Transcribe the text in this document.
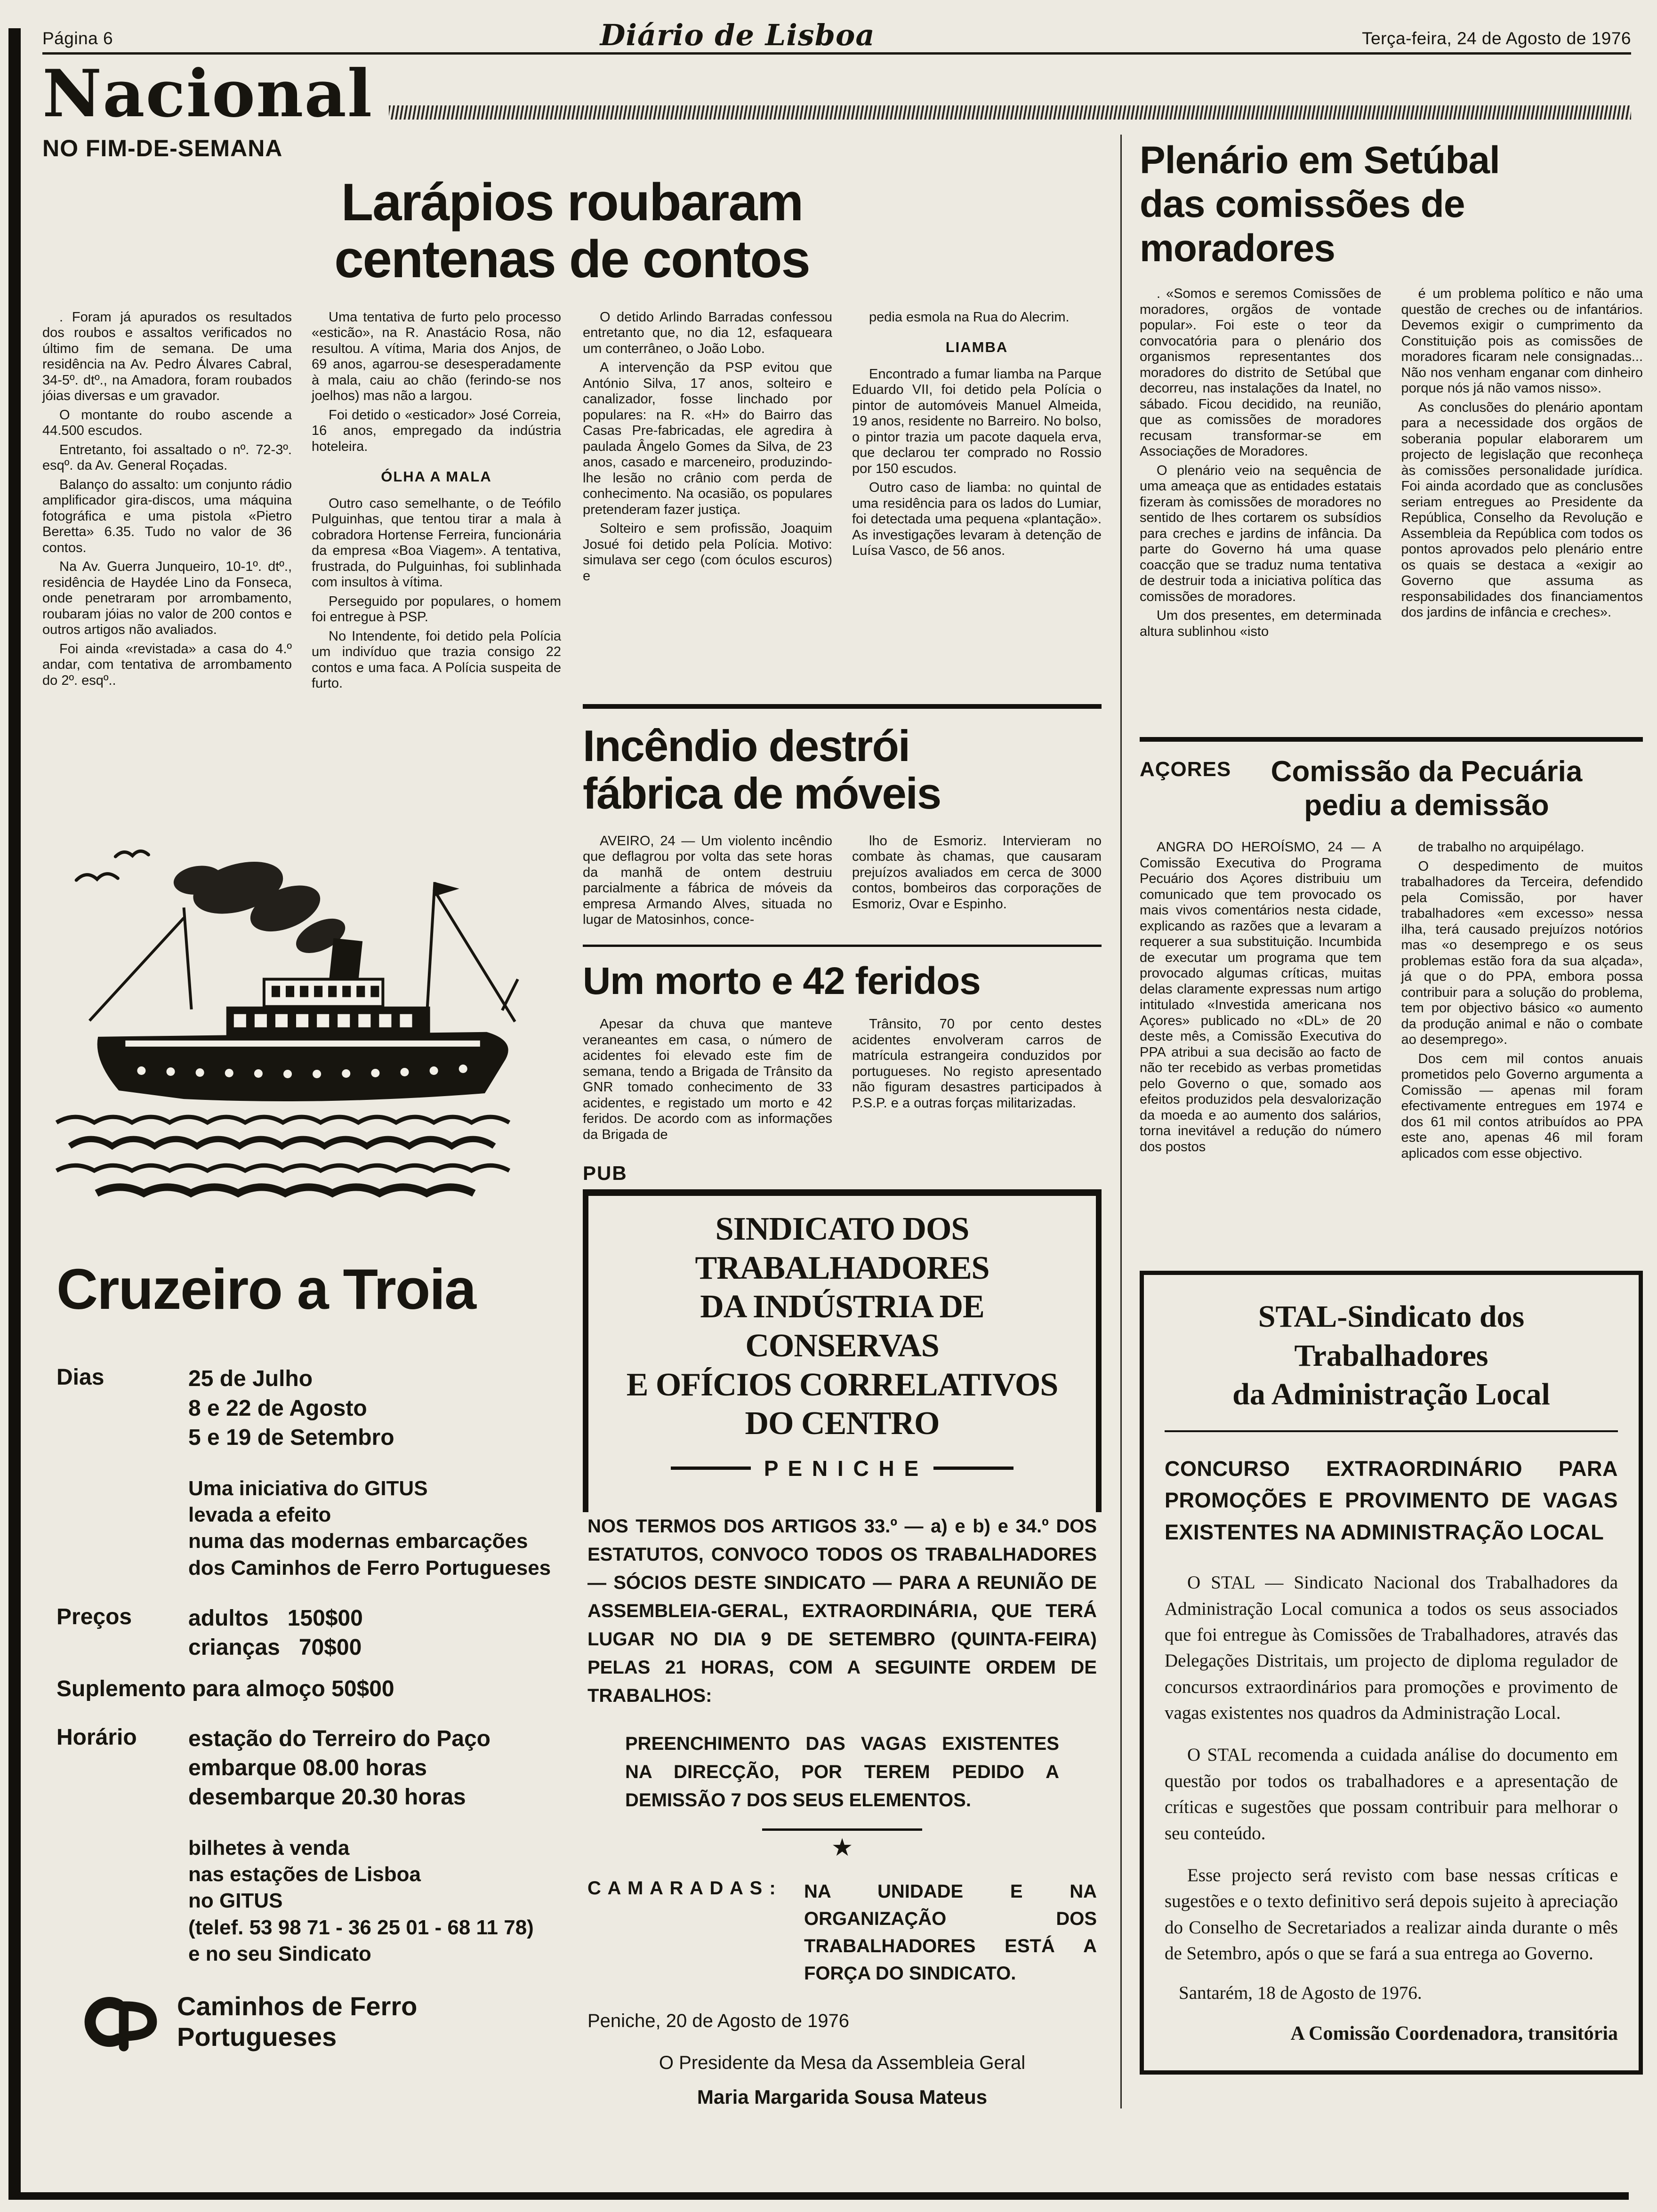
Página 6	Diário de Lisboa	Terça-feira, 24 de Agosto de 1976
Nacional
NO FIM-DE-SEMANA
Larápios roubaram
centenas de contos

. Foram já apurados os resultados dos roubos e assaltos verificados no último fim de semana. De uma residência na Av. Pedro Álvares Cabral, 34-5º. dtº., na Amadora, foram roubados jóias diversas e um gravador.

O montante do roubo ascende a 44.500 escudos.

Entretanto, foi assaltado o nº. 72-3º. esqº. da Av. General Roçadas.

Balanço do assalto: um conjunto rádio amplificador gira-discos, uma máquina fotográfica e uma pistola «Pietro Beretta» 6.35. Tudo no valor de 36 contos.

Na Av. Guerra Junqueiro, 10-1º. dtº., residência de Haydée Lino da Fonseca, onde penetraram por arrombamento, roubaram jóias no valor de 200 contos e outros artigos não avaliados.

Foi ainda «revistada» a casa do 4.º andar, com tentativa de arrombamento do 2º. esqº..

Uma tentativa de furto pelo processo «esticão», na R. Anastácio Rosa, não resultou. A vítima, Maria dos Anjos, de 69 anos, agarrou-se desesperadamente à mala, caiu ao chão (ferindo-se nos joelhos) mas não a largou.

Foi detido o «esticador» José Correia, 16 anos, empregado da indústria hoteleira.

ÓLHA A MALA

Outro caso semelhante, o de Teófilo Pulguinhas, que tentou tirar a mala à cobradora Hortense Ferreira, funcionária da empresa «Boa Viagem». A tentativa, frustrada, do Pulguinhas, foi sublinhada com insultos à vítima.

Perseguido por populares, o homem foi entregue à PSP.

No Intendente, foi detido pela Polícia um indivíduo que trazia consigo 22 contos e uma faca. A Polícia suspeita de furto.

Cruzeiro a Troia
Dias	25 de Julho

8 e 22 de Agosto

5 e 19 de Setembro

Uma iniciativa do GITUS

levada a efeito

numa das modernas embarcações

dos Caminhos de Ferro Portugueses

Preços	adultos   150$00

crianças   70$00

Suplemento para almoço 50$00
Horário	estação do Terreiro do Paço

embarque 08.00 horas

desembarque 20.30 horas

bilhetes à venda

nas estações de Lisboa

no GITUS

(telef. 53 98 71 - 36 25 01 - 68 11 78)

e no seu Sindicato

Caminhos de Ferro
Portugueses

O detido Arlindo Barradas confessou entretanto que, no dia 12, esfaqueara um conterrâneo, o João Lobo.

A intervenção da PSP evitou que António Silva, 17 anos, solteiro e canalizador, fosse linchado por populares: na R. «H» do Bairro das Casas Pre-fabricadas, ele agredira à paulada Ângelo Gomes da Silva, de 23 anos, casado e marceneiro, produzindo-lhe lesão no crânio com perda de conhecimento. Na ocasião, os populares pretenderam fazer justiça.

Solteiro e sem profissão, Joaquim Josué foi detido pela Polícia. Motivo: simulava ser cego (com óculos escuros) e

pedia esmola na Rua do Alecrim.

LIAMBA

Encontrado a fumar liamba na Parque Eduardo VII, foi detido pela Polícia o pintor de automóveis Manuel Almeida, 19 anos, residente no Barreiro. No bolso, o pintor trazia um pacote daquela erva, que declarou ter comprado no Rossio por 150 escudos.

Outro caso de liamba: no quintal de uma residência para os lados do Lumiar, foi detectada uma pequena «plantação». As investigações levaram à detenção de Luísa Vasco, de 56 anos.

Incêndio destrói
fábrica de móveis

AVEIRO, 24 — Um violento incêndio que deflagrou por volta das sete horas da manhã de ontem destruiu parcialmente a fábrica de móveis da empresa Armando Alves, situada no lugar de Matosinhos, conce-

lho de Esmoriz. Intervieram no combate às chamas, que causaram prejuízos avaliados em cerca de 3000 contos, bombeiros das corporações de Esmoriz, Ovar e Espinho.

Um morto e 42 feridos

Apesar da chuva que manteve veraneantes em casa, o número de acidentes foi elevado este fim de semana, tendo a Brigada de Trânsito da GNR tomado conhecimento de 33 acidentes, e registado um morto e 42 feridos. De acordo com as informações da Brigada de

Trânsito, 70 por cento destes acidentes envolveram carros de matrícula estrangeira conduzidos por portugueses. No registo apresentado não figuram desastres participados à P.S.P. e a outras forças militarizadas.

PUB
SINDICATO DOS TRABALHADORES
DA INDÚSTRIA DE CONSERVAS
E OFÍCIOS CORRELATIVOS
DO CENTRO
P E N I C H E

NOS TERMOS DOS ARTIGOS 33.º — a) e b) e 34.º DOS ESTATUTOS, CONVOCO TODOS OS TRABALHADORES — SÓCIOS DESTE SINDICATO — PARA A REUNIÃO DE ASSEMBLEIA-GERAL, EXTRAORDINÁRIA, QUE TERÁ LUGAR NO DIA 9 DE SETEMBRO (QUINTA-FEIRA) PELAS 21 HORAS, COM A SEGUINTE ORDEM DE TRABALHOS:

PREENCHIMENTO DAS VAGAS EXISTENTES NA DIRECÇÃO, POR TEREM PEDIDO A DEMISSÃO 7 DOS SEUS ELEMENTOS.

★
C A M A R A D A S :	NA UNIDADE E NA ORGANIZAÇÃO DOS TRABALHADORES ESTÁ A FORÇA DO SINDICATO.
Peniche, 20 de Agosto de 1976
O Presidente da Mesa da Assembleia Geral
Maria Margarida Sousa Mateus
Plenário em Setúbal
das comissões de moradores

. «Somos e seremos Comissões de moradores, orgãos de vontade popular». Foi este o teor da convocatória para o plenário dos organismos representantes dos moradores do distrito de Setúbal que decorreu, nas instalações da Inatel, no sábado. Ficou decidido, na reunião, que as comissões de moradores recusam transformar-se em Associações de Moradores.

O plenário veio na sequência de uma ameaça que as entidades estatais fizeram às comissões de moradores no sentido de lhes cortarem os subsídios para creches e jardins de infância. Da parte do Governo há uma quase coacção que se traduz numa tentativa de destruir toda a iniciativa política das comissões de moradores.

Um dos presentes, em determinada altura sublinhou «isto

é um problema político e não uma questão de creches ou de infantários. Devemos exigir o cumprimento da Constituição pois as comissões de moradores ficaram nele consignadas... Não nos venham enganar com dinheiro porque nós já não vamos nisso».

As conclusões do plenário apontam para a necessidade dos orgãos de soberania popular elaborarem um projecto de legislação que reconheça às comissões personalidade jurídica. Foi ainda acordado que as conclusões seriam entregues ao Presidente da República, Conselho da Revolução e Assembleia da República com todos os pontos aprovados pelo plenário entre os quais se destaca a «exigir ao Governo que assuma as responsabilidades dos financiamentos dos jardins de infância e creches».

AÇORES	Comissão da Pecuária
pediu a demissão

ANGRA DO HEROÍSMO, 24 — A Comissão Executiva do Programa Pecuário dos Açores distribuiu um comunicado que tem provocado os mais vivos comentários nesta cidade, explicando as razões que a levaram a requerer a sua substituição. Incumbida de executar um programa que tem provocado algumas críticas, muitas delas claramente expressas num artigo intitulado «Investida americana nos Açores» publicado no «DL» de 20 deste mês, a Comissão Executiva do PPA atribui a sua decisão ao facto de não ter recebido as verbas prometidas pelo Governo o que, somado aos efeitos produzidos pela desvalorização da moeda e ao aumento dos salários, torna inevitável a redução do número dos postos

de trabalho no arquipélago.

O despedimento de muitos trabalhadores da Terceira, defendido pela Comissão, por haver trabalhadores «em excesso» nessa ilha, terá causado prejuízos notórios mas «o desemprego e os seus problemas estão fora da sua alçada», já que o do PPA, embora possa contribuir para a solução do problema, tem por objectivo básico «o aumento da produção animal e não o combate ao desemprego».

Dos cem mil contos anuais prometidos pelo Governo argumenta a Comissão — apenas mil foram efectivamente entregues em 1974 e dos 61 mil contos atribuídos ao PPA este ano, apenas 46 mil foram aplicados com esse objectivo.

STAL-Sindicato dos Trabalhadores
da Administração Local
CONCURSO EXTRAORDINÁRIO PARA PROMOÇÕES E PROVIMENTO DE VAGAS EXISTENTES NA ADMINISTRAÇÃO LOCAL

O STAL — Sindicato Nacional dos Trabalhadores da Administração Local comunica a todos os seus associados que foi entregue às Comissões de Trabalhadores, através das Delegações Distritais, um projecto de diploma regulador de concursos extraordinários para promoções e provimento de vagas existentes nos quadros da Administração Local.

O STAL recomenda a cuidada análise do documento em questão por todos os trabalhadores e a apresentação de críticas e sugestões que possam contribuir para melhorar o seu conteúdo.

Esse projecto será revisto com base nessas críticas e sugestões e o texto definitivo será depois sujeito à apreciação do Conselho de Secretariados a realizar ainda durante o mês de Setembro, após o que se fará a sua entrega ao Governo.

Santarém, 18 de Agosto de 1976.
A Comissão Coordenadora, transitória
